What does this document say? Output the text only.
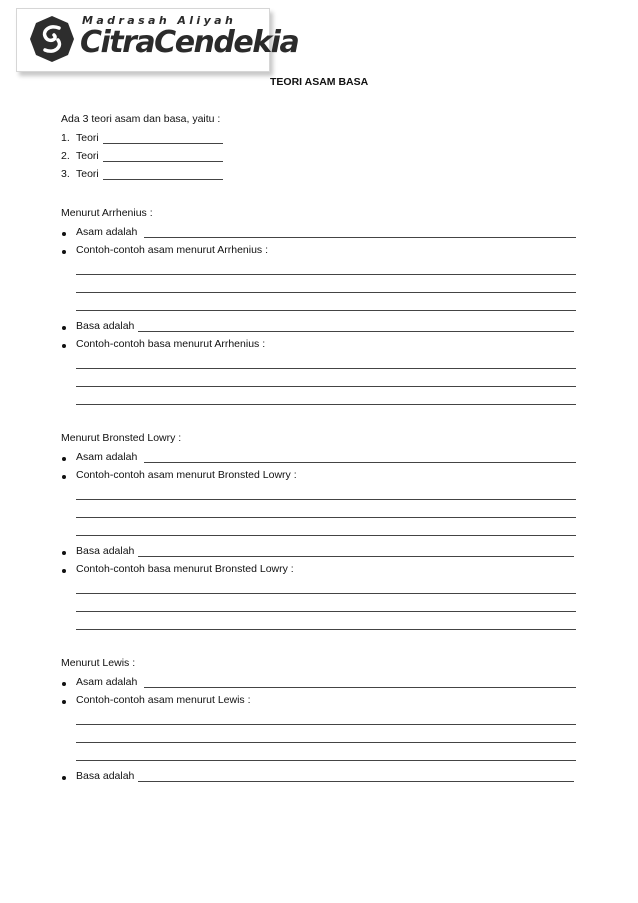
Madrasah Aliyah
CitraCendekia
TEORI ASAM BASA
Ada 3 teori asam dan basa, yaitu :
1. Teori
2. Teori
3. Teori
Menurut Arrhenius :
Asam adalah
Contoh-contoh asam menurut Arrhenius :
Basa adalah
Contoh-contoh basa menurut Arrhenius :
Menurut Bronsted Lowry :
Asam adalah
Contoh-contoh asam menurut Bronsted Lowry :
Basa adalah
Contoh-contoh basa menurut Bronsted Lowry :
Menurut Lewis :
Asam adalah
Contoh-contoh asam menurut Lewis :
Basa adalah
